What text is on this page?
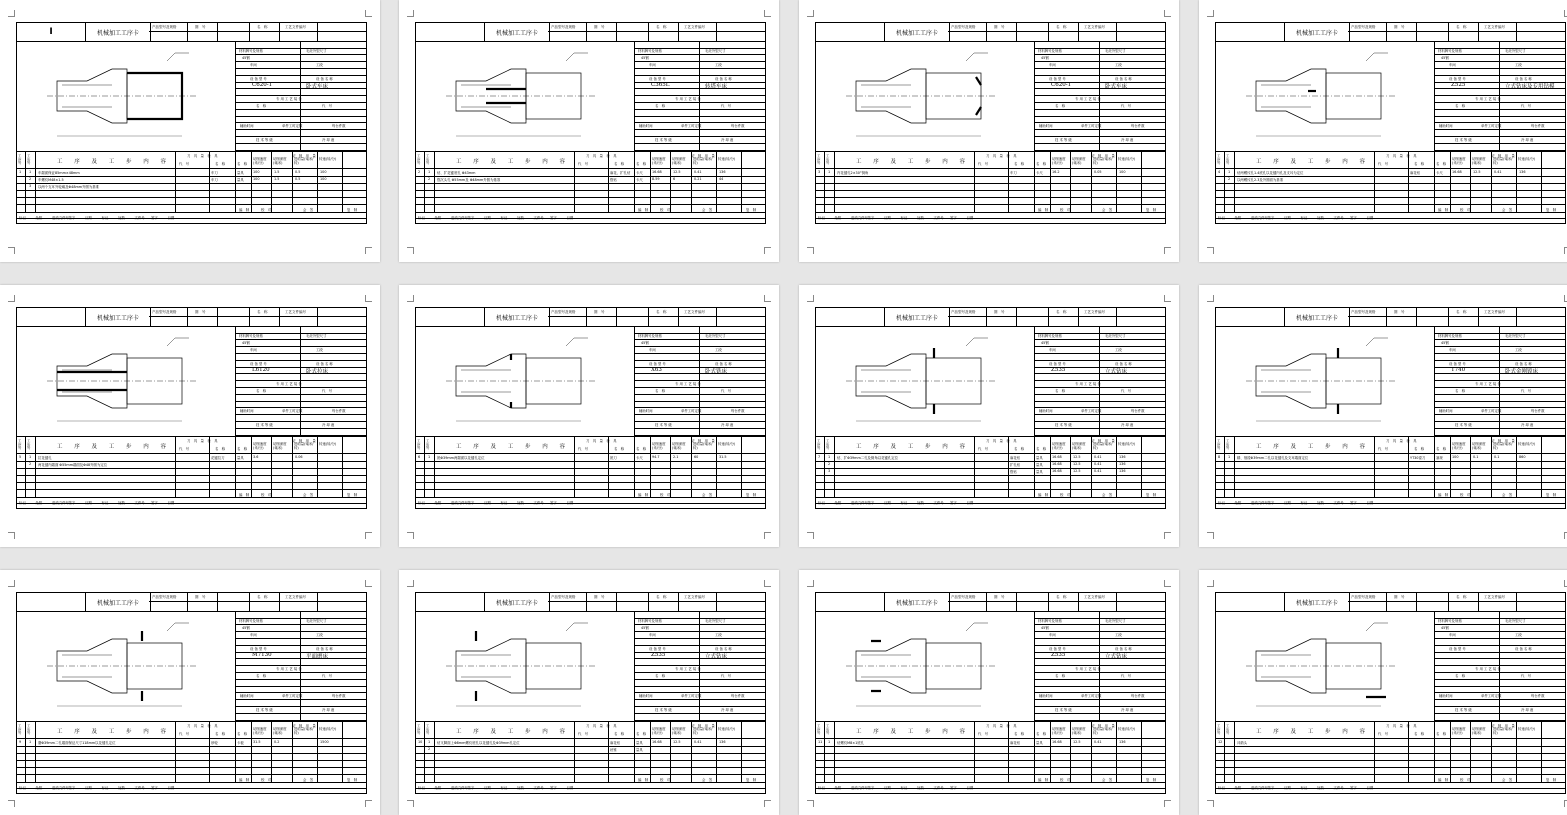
I	机械加工工序卡
产品型号及规格	图　号	名　称	工艺文件编号
材料牌号及规格	毛坯外型尺寸
45钢
车间	工段
设 备 型 号	设 备 名 称
C620-1	卧式车床
专 用 工 艺 装 备
名　称	代　号
辅助时间	单件工时定额	每台件数
技 术 等 级	冷 却 液
工序号
工步号	工 序 及 工 步 内 容
刀　具　量　检　具	切　削　用　量
代　号	名　称	名　称
切削速度(米/分)
切削深度(毫米)
进给量(毫米/转)
转速(转/分)
1 1 车端面保证85mm×48mm	车刀	量具	100	1.5	0.5	100
2 车螺纹M48×1.5	车刀	量具	100	1.5	0.5	100
3 以两个支耳外轮廓及Φ48mm外圆为基准
编　制	校　对	会　签	复　制
标记	处数	更改文件号 签字	日期	标记	处数	文件号 签字	日期
机械加工工序卡
产品型号及规格	图　号	名　称	工艺文件编号
材料牌号及规格	毛坯外型尺寸
45钢
车间	工段
设 备 型 号	设 备 名 称
C365L	转塔车床
专 用 工 艺 装 备
名　称	代　号
辅助时间	单件工时定额	每台件数
技 术 等 级	冷 却 液
工序号
工步号	工 序 及 工 步 内 容
刀　具　量　检　具	切　削　用　量
代　号	名　称	名　称
切削速度(米/分)
切削深度(毫米)
进给量(毫米/转)
转速(转/分)
2 1 钻、扩花键底孔 Φ43mm	麻花、扩孔钻 卡尺	16.68	12.5	0.41	136
2 锪沉头孔 Φ55mm及 Φ48mm外圆为基准	锪钻	卡尺	8.59	6	0.21	44
编　制	校　对	会　签	复　制
标记	处数	更改文件号 签字	日期	标记	处数	文件号 签字	日期
机械加工工序卡
产品型号及规格	图　号	名　称	工艺文件编号
材料牌号及规格	毛坯外型尺寸
45钢
车间	工段
设 备 型 号	设 备 名 称
C620-1	卧式车床
专 用 工 艺 装 备
名　称	代　号
辅助时间	单件工时定额	每台件数
技 术 等 级	冷 却 液
工序号
工步号	工 序 及 工 步 内 容
刀　具　量　检　具	切　削　用　量
代　号	名　称	名　称
切削速度(米/分)
切削深度(毫米)
进给量(毫米/转)
转速(转/分)
3 1 内花键孔2×30°倒角	车刀	卡尺	16.2	0.05	100
编　制	校　对	会　签	复　制
标记	处数	更改文件号 签字	日期	标记	处数	文件号 签字	日期
机械加工工序卡
产品型号及规格	图　号	名　称	工艺文件编号
材料牌号及规格	毛坯外型尺寸
45钢
车间	工段
设 备 型 号	设 备 名 称
Z525	立式钻床及专用钻模
专 用 工 艺 装 备
名　称	代　号
辅助时间	单件工时定额	每台件数
技 术 等 级	冷 却 液
工序号
工步号	工 序 及 工 步 内 容
刀　具　量　检　具	切　削　用　量
代　号	名　称	名　称
切削速度(米/分)
切削深度(毫米)
进给量(毫米/转)
转速(转/分)
4 1 钻两螺纹孔1.4底孔以花键内孔及支耳为定位	麻花钻	卡尺	16.68	12.5	0.41	136
2 以两螺纹孔2.3及外圆面为基准
编　制	校　对	会　签	复　制
标记	处数	更改文件号 签字	日期	标记	处数	文件号 签字	日期
机械加工工序卡
产品型号及规格	图　号	名　称	工艺文件编号
材料牌号及规格	毛坯外型尺寸
45钢
车间	工段
设 备 型 号	设 备 名 称
L6120	卧式拉床
专 用 工 艺 装 备
名　称	代　号
辅助时间	单件工时定额	每台件数
技 术 等 级	冷 却 液
工序号
工步号	工 序 及 工 步 内 容
刀　具　量　检　具	切　削　用　量
代　号	名　称	名　称
切削速度(米/分)
切削深度(毫米)
进给量(毫米/转)
转速(转/分)
5 1 拉花键孔	花键拉刀	量具	3.6	0.06
2 两花键内端面 Φ55mm端面及Φ48外圆为定位
编　制	校　对	会　签	复　制
标记	处数	更改文件号 签字	日期	标记	处数	文件号 签字	日期
机械加工工序卡
产品型号及规格	图　号	名　称	工艺文件编号
材料牌号及规格	毛坯外型尺寸
45钢
车间	工段
设 备 型 号	设 备 名 称
X63	卧式铣床
专 用 工 艺 装 备
名　称	代　号
辅助时间	单件工时定额	每台件数
技 术 等 级	冷 却 液
工序号
工步号	工 序 及 工 步 内 容
刀　具　量　检　具	切　削　用　量
代　号	名　称	名　称
切削速度(米/分)
切削深度(毫米)
进给量(毫米/转)
转速(转/分)
6 1 铣Φ39mm两端面以花键孔定位	铣刀	卡尺	94.7	2.1	60	31.5
编　制	校　对	会　签	复　制
标记	处数	更改文件号 签字	日期	标记	处数	文件号 签字	日期
机械加工工序卡
产品型号及规格	图　号	名　称	工艺文件编号
材料牌号及规格	毛坯外型尺寸
45钢
车间	工段
设 备 型 号	设 备 名 称
Z535	立式钻床
专 用 工 艺 装 备
名　称	代　号
辅助时间	单件工时定额	每台件数
技 术 等 级	冷 却 液
工序号
工步号	工 序 及 工 步 内 容
刀　具　量　检　具	切　削　用　量
代　号	名　称	名　称
切削速度(米/分)
切削深度(毫米)
进给量(毫米/转)
转速(转/分)
7 1 钻、扩Φ39mm二孔及倒角以花键孔定位	麻花钻	量具	16.68	12.5	0.41	136
2	扩孔钻	量具	16.68	12.5	0.41	136
3	锪钻	量具	16.68	12.5	0.41	136
编　制	校　对	会　签	复　制
标记	处数	更改文件号 签字	日期	标记	处数	文件号 签字	日期
机械加工工序卡
产品型号及规格	图　号	名　称	工艺文件编号
材料牌号及规格	毛坯外型尺寸
45钢
车间	工段
设 备 型 号	设 备 名 称
T740	卧式金刚镗床
专 用 工 艺 装 备
名　称	代　号
辅助时间	单件工时定额	每台件数
技 术 等 级	冷 却 液
工序号
工步号	工 序 及 工 步 内 容
刀　具　量　检　具	切　削　用　量
代　号	名　称	名　称
切削速度(米/分)
切削深度(毫米)
进给量(毫米/转)
转速(转/分)
8 1 精、细镗Φ39mm二孔以花键孔及支耳端面定位	YT30镗刀	塞规	100	0.1	0.1	860
编　制	校　对	会　签	复　制
标记	处数	更改文件号 签字	日期	标记	处数	文件号 签字	日期
机械加工工序卡
产品型号及规格	图　号	名　称	工艺文件编号
材料牌号及规格	毛坯外型尺寸
45钢
车间	工段
设 备 型 号	设 备 名 称
M7130	平面磨床
专 用 工 艺 装 备
名　称	代　号
辅助时间	单件工时定额	每台件数
技 术 等 级	冷 却 液
工序号
工步号	工 序 及 工 步 内 容
刀　具　量　检　具	切　削　用　量
代　号	名　称	名　称
切削速度(米/分)
切削深度(毫米)
进给量(毫米/转)
转速(转/分)
9 1 磨Φ39mm二孔端面保证尺寸118mm以花键孔定位	砂轮	卡板	31.5	0.2	1500
编　制	校　对	会　签	复　制
标记	处数	更改文件号 签字	日期	标记	处数	文件号 签字	日期
机械加工工序卡
产品型号及规格	图　号	名　称	工艺文件编号
材料牌号及规格	毛坯外型尺寸
45钢
车间	工段
设 备 型 号	设 备 名 称
Z535	立式钻床
专 用 工 艺 装 备
名　称	代　号
辅助时间	单件工时定额	每台件数
技 术 等 级	冷 却 液
工序号
工步号	工 序 及 工 步 内 容
刀　具　量　检　具	切　削　用　量
代　号	名　称	名　称
切削速度(米/分)
切削深度(毫米)
进给量(毫米/转)
转速(转/分)
10 1 钻叉脚面上Φ8mm螺纹底孔以花键孔及Φ39mm孔定位	麻花钻	量具	16.68	12.5	0.41	136
2	丝锥	量具
编　制	校　对	会　签	复　制
标记	处数	更改文件号 签字	日期	标记	处数	文件号 签字	日期
机械加工工序卡
产品型号及规格	图　号	名　称	工艺文件编号
材料牌号及规格	毛坯外型尺寸
45钢
车间	工段
设 备 型 号	设 备 名 称
Z535	立式钻床
专 用 工 艺 装 备
名　称	代　号
辅助时间	单件工时定额	每台件数
技 术 等 级	冷 却 液
工序号
工步号	工 序 及 工 步 内 容
刀　具　量　检　具	切　削　用　量
代　号	名　称	名　称
切削速度(米/分)
切削深度(毫米)
进给量(毫米/转)
转速(转/分)
11 1 钻螺纹M8×1底孔	麻花钻	量具	16.68	12.5	0.41	136
编　制	校　对	会　签	复　制
标记	处数	更改文件号 签字	日期	标记	处数	文件号 签字	日期
机械加工工序卡
产品型号及规格	图　号	名　称	工艺文件编号
材料牌号及规格	毛坯外型尺寸
45钢
车间	工段
设 备 型 号	设 备 名 称
专 用 工 艺 装 备
名　称	代　号
辅助时间	单件工时定额	每台件数
技 术 等 级	冷 却 液
工序号
工步号	工 序 及 工 步 内 容
刀　具　量　检　具	切　削　用　量
代　号	名　称	名　称
切削速度(米/分)
切削深度(毫米)
进给量(毫米/转)
转速(转/分)
12	冲箭头
编　制	校　对	会　签	复　制
标记	处数	更改文件号 签字	日期	标记	处数	文件号 签字	日期
